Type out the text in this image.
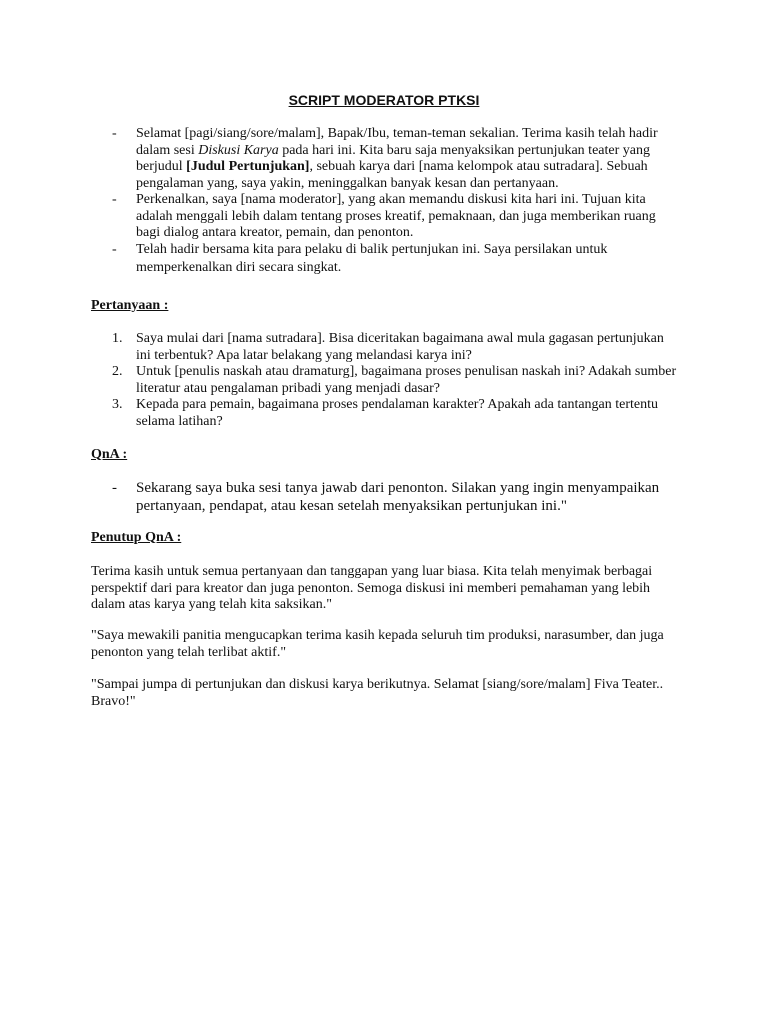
SCRIPT MODERATOR PTKSI
- Selamat [pagi/siang/sore/malam], Bapak/Ibu, teman-teman sekalian. Terima kasih telah hadir dalam sesi Diskusi Karya pada hari ini. Kita baru saja menyaksikan pertunjukan teater yang berjudul [Judul Pertunjukan], sebuah karya dari [nama kelompok atau sutradara]. Sebuah pengalaman yang, saya yakin, meninggalkan banyak kesan dan pertanyaan.
- Perkenalkan, saya [nama moderator], yang akan memandu diskusi kita hari ini. Tujuan kita adalah menggali lebih dalam tentang proses kreatif, pemaknaan, dan juga memberikan ruang bagi dialog antara kreator, pemain, dan penonton.
- Telah hadir bersama kita para pelaku di balik pertunjukan ini. Saya persilakan untuk
memperkenalkan diri secara singkat.

Pertanyaan :

1. Saya mulai dari [nama sutradara]. Bisa diceritakan bagaimana awal mula gagasan pertunjukan ini terbentuk? Apa latar belakang yang melandasi karya ini?
2. Untuk [penulis naskah atau dramaturg], bagaimana proses penulisan naskah ini? Adakah sumber literatur atau pengalaman pribadi yang menjadi dasar?
3. Kepada para pemain, bagaimana proses pendalaman karakter? Apakah ada tantangan tertentu selama latihan?

QnA :

- Sekarang saya buka sesi tanya jawab dari penonton. Silakan yang ingin menyampaikan pertanyaan, pendapat, atau kesan setelah menyaksikan pertunjukan ini."

Penutup QnA :

Terima kasih untuk semua pertanyaan dan tanggapan yang luar biasa. Kita telah menyimak berbagai perspektif dari para kreator dan juga penonton. Semoga diskusi ini memberi pemahaman yang lebih dalam atas karya yang telah kita saksikan."

"Saya mewakili panitia mengucapkan terima kasih kepada seluruh tim produksi, narasumber, dan juga penonton yang telah terlibat aktif."

"Sampai jumpa di pertunjukan dan diskusi karya berikutnya. Selamat [siang/sore/malam] Fiva Teater.. Bravo!"
